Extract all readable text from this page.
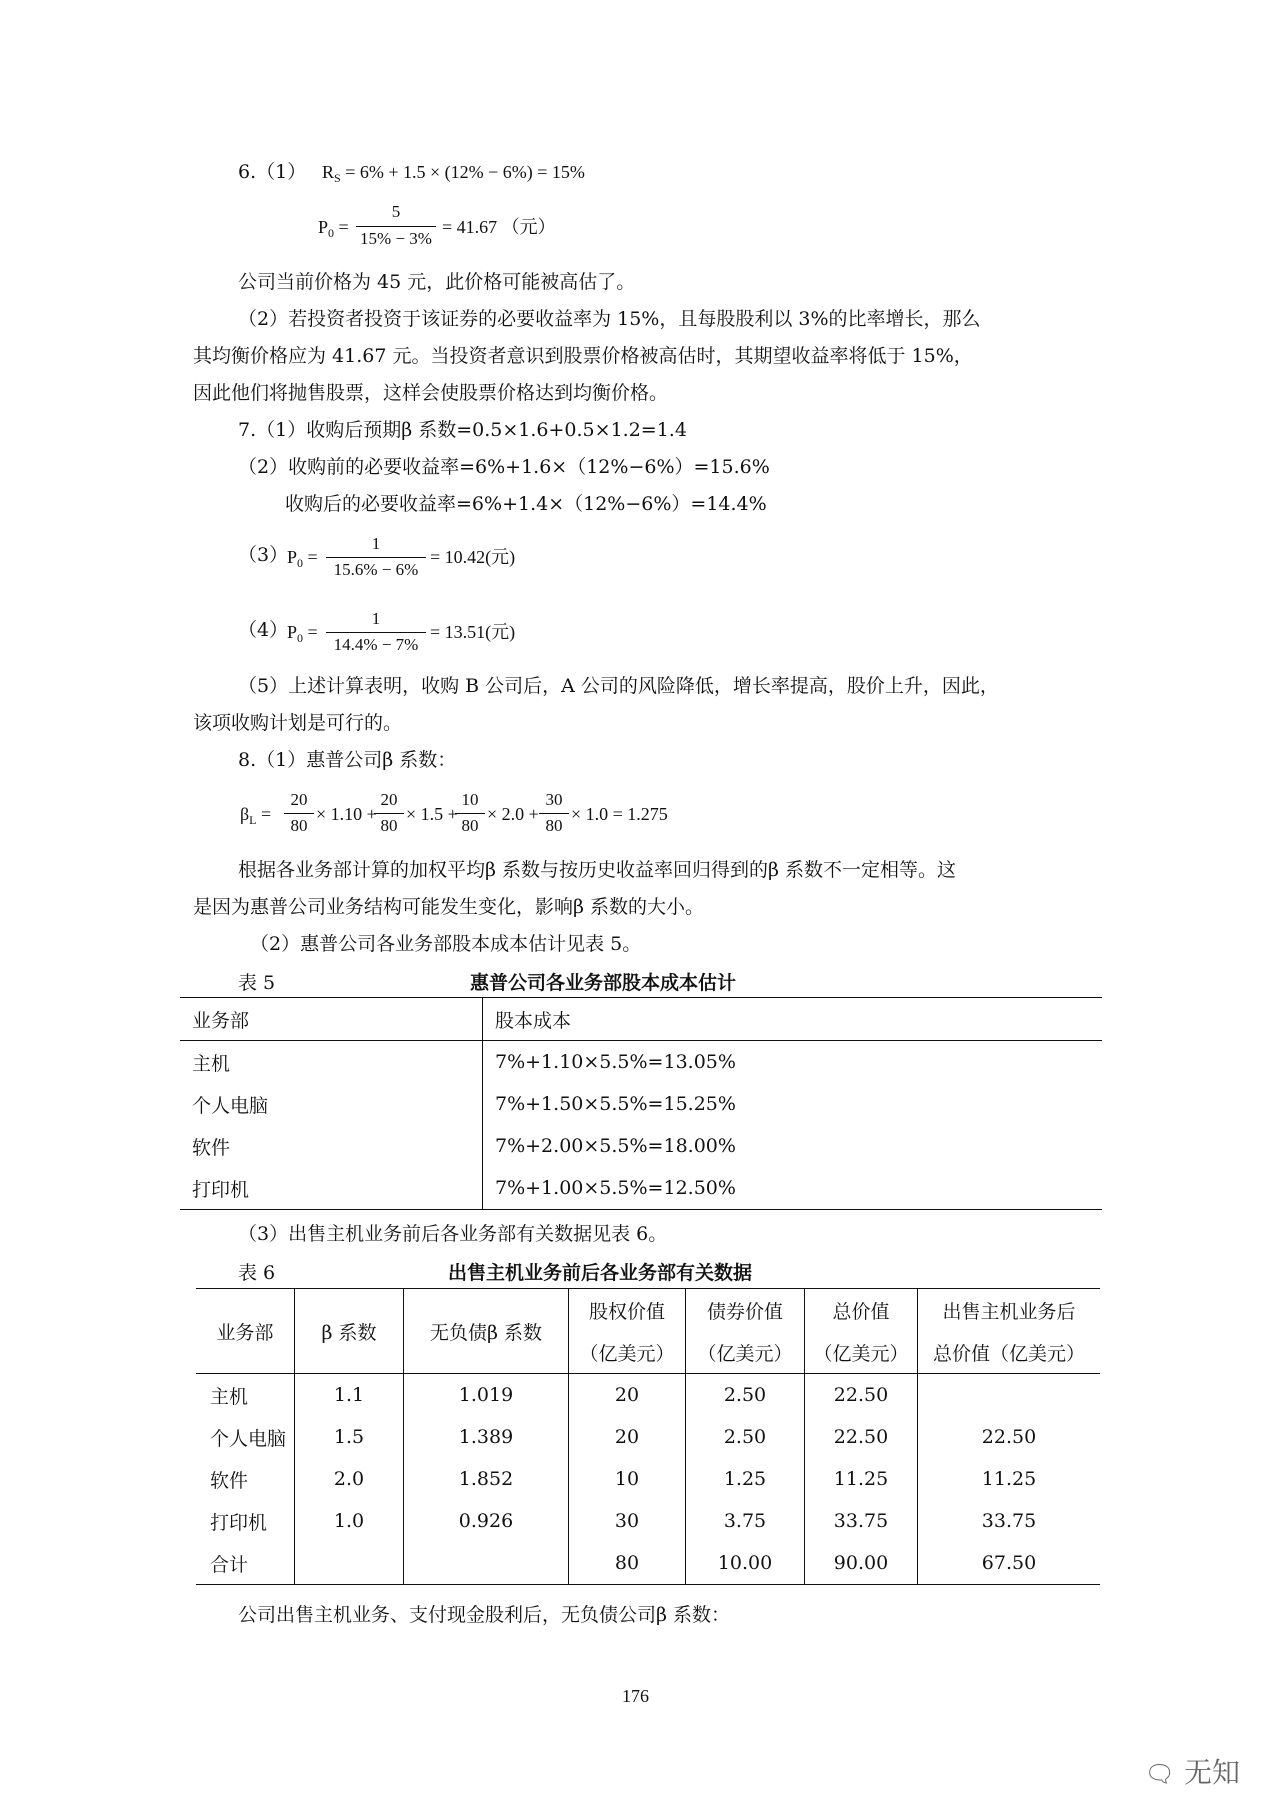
6.（1） $R_S = 6\% + 1.5 \times (12\% - 6\%) = 15\%$
$P_0$ =
5
15% − 3%
= 41.67 （元）
公司当前价格为 45 元，此价格可能被高估了。
（2）若投资者投资于该证券的必要收益率为 15%，且每股股利以 3%的比率增长，那么
其均衡价格应为 41.67 元。当投资者意识到股票价格被高估时，其期望收益率将低于 15%，
因此他们将抛售股票，这样会使股票价格达到均衡价格。
7.（1）收购后预期β 系数=0.5×1.6+0.5×1.2=1.4
（2）收购前的必要收益率=6%+1.6×（12%−6%）=15.6%
收购后的必要收益率=6%+1.4×（12%−6%）=14.4%
（3）
$P_0$ =
1
15.6% − 6%
= 10.42(元)
（4）
$P_0$ =
1
14.4% − 7%
= 13.51(元)
（5）上述计算表明，收购 B 公司后，A 公司的风险降低，增长率提高，股价上升，因此，
该项收购计划是可行的。
8.（1）惠普公司β 系数：
$\beta_L$ =
20
80
× 1.10 +
20
80
× 1.5 +
10
80
× 2.0 +
30
80
× 1.0 = 1.275
根据各业务部计算的加权平均β 系数与按历史收益率回归得到的β 系数不一定相等。这
是因为惠普公司业务结构可能发生变化，影响β 系数的大小。
（2）惠普公司各业务部股本成本估计见表 5。
表 5	惠普公司各业务部股本成本估计
业务部	股本成本
主机	7%+1.10×5.5%=13.05%
个人电脑	7%+1.50×5.5%=15.25%
软件	7%+2.00×5.5%=18.00%
打印机	7%+1.00×5.5%=12.50%
（3）出售主机业务前后各业务部有关数据见表 6。
表 6	出售主机业务前后各业务部有关数据
业务部	β 系数	无负债β 系数	股权价值	债券价值	总价值	出售主机业务后
			（亿美元）	（亿美元）	（亿美元）	总价值（亿美元）
主机	1.1	1.019	20	2.50	22.50	
个人电脑	1.5	1.389	20	2.50	22.50	22.50
软件	2.0	1.852	10	1.25	11.25	11.25
打印机	1.0	0.926	30	3.75	33.75	33.75
合计			80	10.00	90.00	67.50
公司出售主机业务、支付现金股利后，无负债公司β 系数：
176
🗨 无知
